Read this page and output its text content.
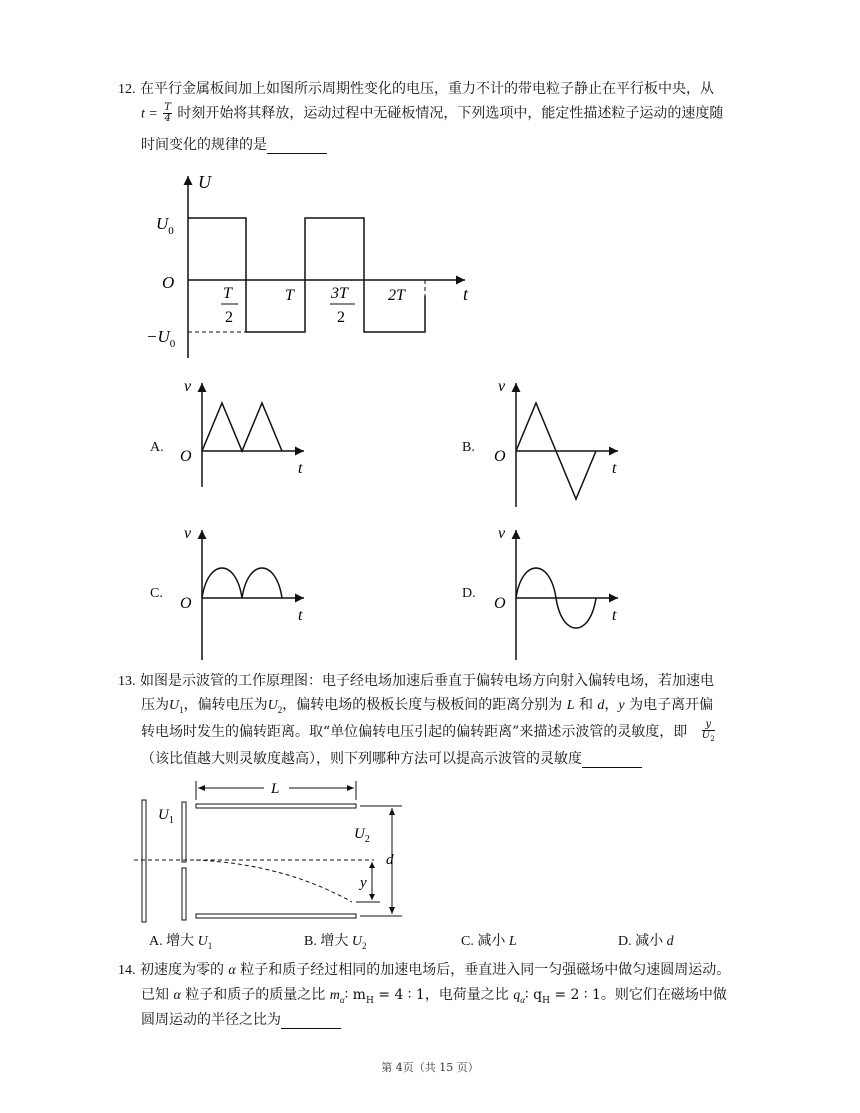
12. 在平行金属板间加上如图所示周期性变化的电压，重力不计的带电粒子静止在平行板中央，从
$t = \frac{T}{4}$ 时刻开始将其释放，运动过程中无碰板情况，下列选项中，能定性描述粒子运动的速度随
时间变化的规律的是
U
t
O
$U_0$
$-U_0$
T
2
T 3T
2
2T
A.
v
t
O
B.
v
t
O
C.
v
t
O
D.
v
t
O
13. 如图是示波管的工作原理图：电子经电场加速后垂直于偏转电场方向射入偏转电场，若加速电
压为$U_1$，偏转电压为$U_2$，偏转电场的极板长度与极板间的距离分别为 L 和 d，y 为电子离开偏
转电场时发生的偏转距离。取“单位偏转电压引起的偏转距离”来描述示波管的灵敏度，即 $\frac{y}{U_2}$
（该比值越大则灵敏度越高），则下列哪种方法可以提高示波管的灵敏度
L
$U_1$
$U_2$
d
y
A. 增大 $U_1$	B. 增大 $U_2$	C. 减小 L	D. 减小 d
14. 初速度为零的 α 粒子和质子经过相同的加速电场后，垂直进入同一匀强磁场中做匀速圆周运动。
已知 α 粒子和质子的质量之比 $m_\alpha∶$ $m_H = 4$ ∶ 1，电荷量之比 $q_\alpha∶$ $q_H = 2$ ∶ 1。则它们在磁场中做
圆周运动的半径之比为
第 4页（共 15 页）
